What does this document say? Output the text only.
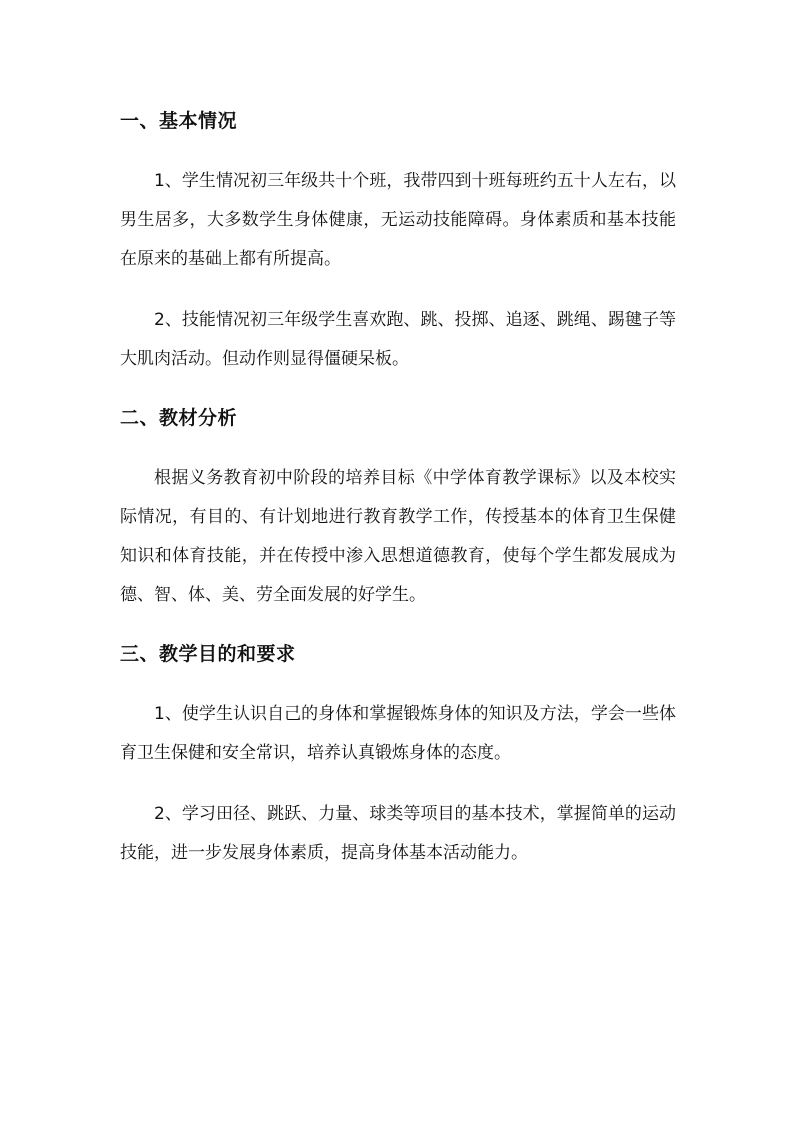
一、基本情况

1、学生情况初三年级共十个班，我带四到十班每班约五十人左右，以男生居多，大多数学生身体健康，无运动技能障碍。身体素质和基本技能在原来的基础上都有所提高。

2、技能情况初三年级学生喜欢跑、跳、投掷、追逐、跳绳、踢毽子等大肌肉活动。但动作则显得僵硬呆板。

二、教材分析

根据义务教育初中阶段的培养目标《中学体育教学课标》以及本校实际情况，有目的、有计划地进行教育教学工作，传授基本的体育卫生保健知识和体育技能，并在传授中渗入思想道德教育，使每个学生都发展成为德、智、体、美、劳全面发展的好学生。

三、教学目的和要求

1、使学生认识自己的身体和掌握锻炼身体的知识及方法，学会一些体育卫生保健和安全常识，培养认真锻炼身体的态度。

2、学习田径、跳跃、力量、球类等项目的基本技术，掌握简单的运动技能，进一步发展身体素质，提高身体基本活动能力。
